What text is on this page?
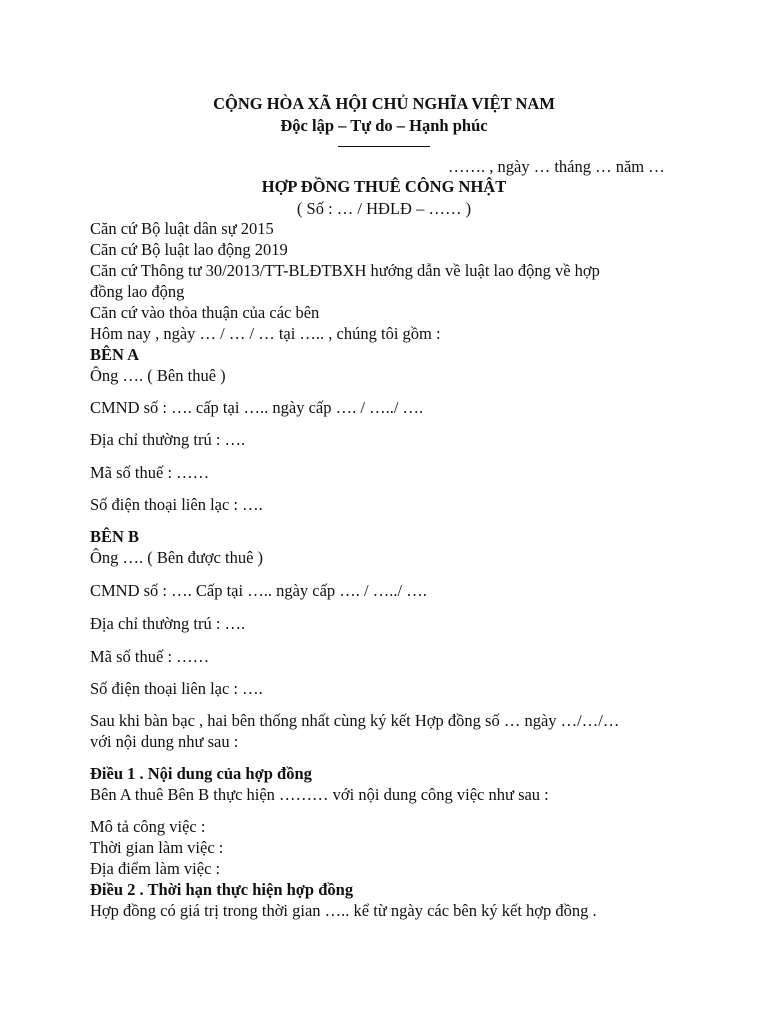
CỘNG HÒA XÃ HỘI CHỦ NGHĨA VIỆT NAM
Độc lập – Tự do – Hạnh phúc
……. , ngày … tháng … năm …
HỢP ĐỒNG THUÊ CÔNG NHẬT
( Số : … / HĐLĐ – …… )
Căn cứ Bộ luật dân sự 2015
Căn cứ Bộ luật lao động 2019
Căn cứ Thông tư 30/2013/TT-BLĐTBXH hướng dẫn về luật lao động về hợp
đồng lao động
Căn cứ vào thỏa thuận của các bên
Hôm nay , ngày … / … / … tại ….. , chúng tôi gồm :
BÊN A
Ông …. ( Bên thuê )
CMND số : …. cấp tại ….. ngày cấp …. / …../ ….
Địa chỉ thường trú : ….
Mã số thuế : ……
Số điện thoại liên lạc : ….
BÊN B
Ông …. ( Bên được thuê )
CMND số : …. Cấp tại ….. ngày cấp …. / …../ ….
Địa chỉ thường trú : ….
Mã số thuế : ……
Số điện thoại liên lạc : ….
Sau khi bàn bạc , hai bên thống nhất cùng ký kết Hợp đồng số … ngày …/…/…
với nội dung như sau :
Điều 1 . Nội dung của hợp đồng
Bên A thuê Bên B thực hiện ……… với nội dung công việc như sau :
Mô tả công việc :
Thời gian làm việc :
Địa điểm làm việc :
Điều 2 . Thời hạn thực hiện hợp đồng
Hợp đồng có giá trị trong thời gian ….. kể từ ngày các bên ký kết hợp đồng .
